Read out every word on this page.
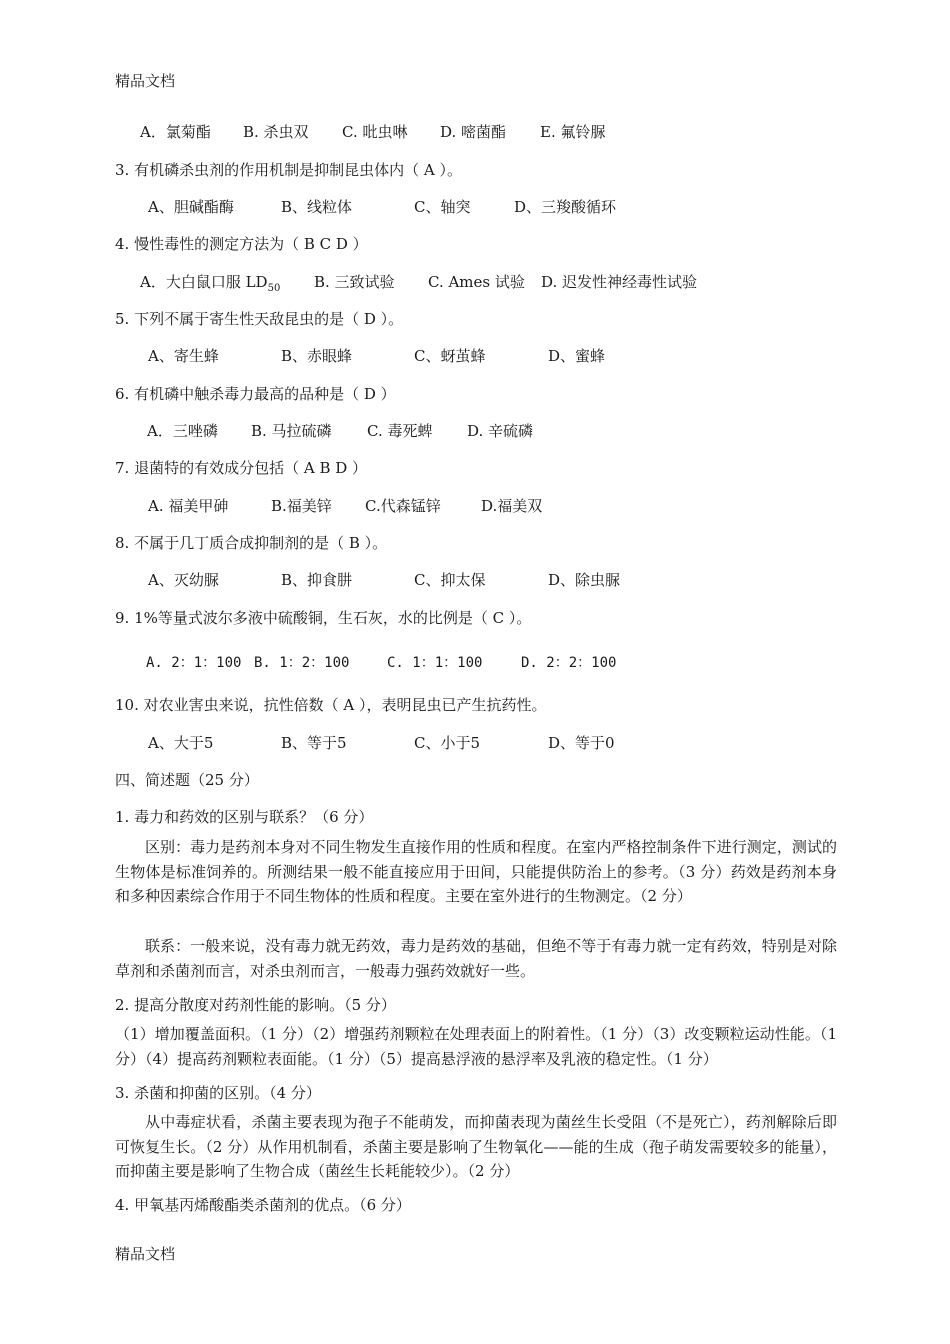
精品文档
A．氯菊酯 B. 杀虫双 C. 吡虫啉 D. 嘧菌酯 E. 氟铃脲
3. 有机磷杀虫剂的作用机制是抑制昆虫体内（ A ）。
A、胆碱酯酶	B、线粒体	C、轴突	D、三羧酸循环
4. 慢性毒性的测定方法为（ B C D ）
A．大白鼠口服 $LD_{50}$ B. 三致试验 C. Ames 试验 D. 迟发性神经毒性试验
5. 下列不属于寄生性天敌昆虫的是（ D ）。
A、寄生蜂	B、赤眼蜂	C、蚜茧蜂	D、蜜蜂
6. 有机磷中触杀毒力最高的品种是（ D ）
A．三唑磷 B. 马拉硫磷 C. 毒死蜱 D. 辛硫磷
7. 退菌特的有效成分包括（ A B D ）
A. 福美甲砷	B.福美锌 C.代森锰锌	D.福美双
8. 不属于几丁质合成抑制剂的是（ B ）。
A、灭幼脲	B、抑食肼	C、抑太保	D、除虫脲
9. 1%等量式波尔多液中硫酸铜，生石灰，水的比例是（ C ）。
A. 2：1：100 B. 1：2：100	C. 1：1：100	D. 2：2：100
10. 对农业害虫来说，抗性倍数（ A ），表明昆虫已产生抗药性。
A、大于5	B、等于5	C、小于5	D、等于0
四、简述题（25 分）
1. 毒力和药效的区别与联系？（6 分）
区别：毒力是药剂本身对不同生物发生直接作用的性质和程度。在室内严格控制条件下进行测定，测试的生物体是标准饲养的。所测结果一般不能直接应用于田间，只能提供防治上的参考。（3 分）药效是药剂本身和多种因素综合作用于不同生物体的性质和程度。主要在室外进行的生物测定。（2 分）
联系：一般来说，没有毒力就无药效，毒力是药效的基础，但绝不等于有毒力就一定有药效，特别是对除草剂和杀菌剂而言，对杀虫剂而言，一般毒力强药效就好一些。
2. 提高分散度对药剂性能的影响。（5 分）
（1）增加覆盖面积。（1 分）（2）增强药剂颗粒在处理表面上的附着性。（1 分）（3）改变颗粒运动性能。（1 分）（4）提高药剂颗粒表面能。（1 分）（5）提高悬浮液的悬浮率及乳液的稳定性。（1 分）
3. 杀菌和抑菌的区别。（4 分）
从中毒症状看，杀菌主要表现为孢子不能萌发，而抑菌表现为菌丝生长受阻（不是死亡），药剂解除后即可恢复生长。（2 分）从作用机制看，杀菌主要是影响了生物氧化——能的生成（孢子萌发需要较多的能量），而抑菌主要是影响了生物合成（菌丝生长耗能较少）。（2 分）
4. 甲氧基丙烯酸酯类杀菌剂的优点。（6 分）
精品文档
